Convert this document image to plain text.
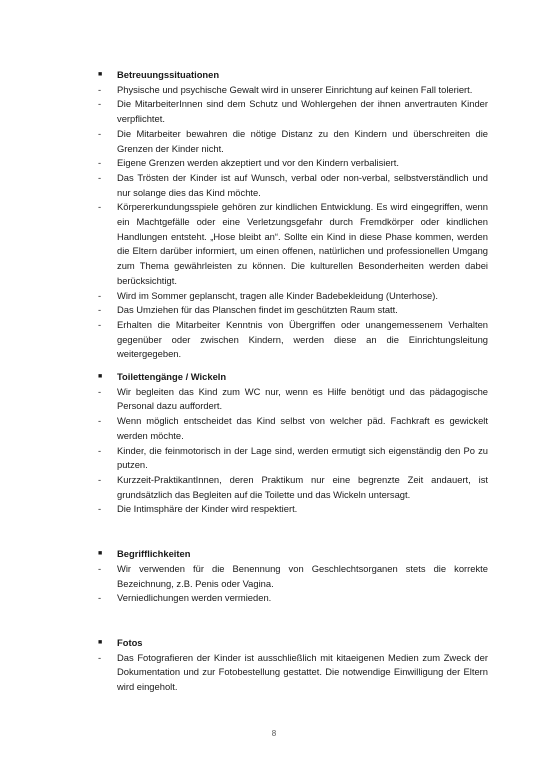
■	Betreuungssituationen
-	Physische und psychische Gewalt wird in unserer Einrichtung auf keinen Fall toleriert.
-	Die MitarbeiterInnen sind dem Schutz und Wohlergehen der ihnen anvertrauten Kinder verpflichtet.
-	Die Mitarbeiter bewahren die nötige Distanz zu den Kindern und überschreiten die Grenzen der Kinder nicht.
-	Eigene Grenzen werden akzeptiert und vor den Kindern verbalisiert.
-	Das Trösten der Kinder ist auf Wunsch, verbal oder non-verbal, selbstverständlich und nur solange dies das Kind möchte.
-	Körpererkundungsspiele gehören zur kindlichen Entwicklung. Es wird eingegriffen, wenn ein Machtgefälle oder eine Verletzungsgefahr durch Fremdkörper oder kindlichen Handlungen entsteht. „Hose bleibt an“. Sollte ein Kind in diese Phase kommen, werden die Eltern darüber informiert, um einen offenen, natürlichen und professionellen Umgang zum Thema gewährleisten zu können. Die kulturellen Besonderheiten werden dabei berücksichtigt.
-	Wird im Sommer geplanscht, tragen alle Kinder Badebekleidung (Unterhose).
-	Das Umziehen für das Planschen findet im geschützten Raum statt.
-	Erhalten die Mitarbeiter Kenntnis von Übergriffen oder unangemessenem Verhalten gegenüber oder zwischen Kindern, werden diese an die Einrichtungsleitung weitergegeben.
■	Toilettengänge / Wickeln
-	Wir begleiten das Kind zum WC nur, wenn es Hilfe benötigt und das pädagogische Personal dazu auffordert.
-	Wenn möglich entscheidet das Kind selbst von welcher päd. Fachkraft es gewickelt werden möchte.
-	Kinder, die feinmotorisch in der Lage sind, werden ermutigt sich eigenständig den Po zu putzen.
-	Kurzzeit-PraktikantInnen, deren Praktikum nur eine begrenzte Zeit andauert, ist grundsätzlich das Begleiten auf die Toilette und das Wickeln untersagt.
-	Die Intimsphäre der Kinder wird respektiert.
■	Begrifflichkeiten
-	Wir verwenden für die Benennung von Geschlechtsorganen stets die korrekte Bezeichnung, z.B. Penis oder Vagina.
-	Verniedlichungen werden vermieden.
■	Fotos
-	Das Fotografieren der Kinder ist ausschließlich mit kitaeigenen Medien zum Zweck der Dokumentation und zur Fotobestellung gestattet. Die notwendige Einwilligung der Eltern wird eingeholt.
8
